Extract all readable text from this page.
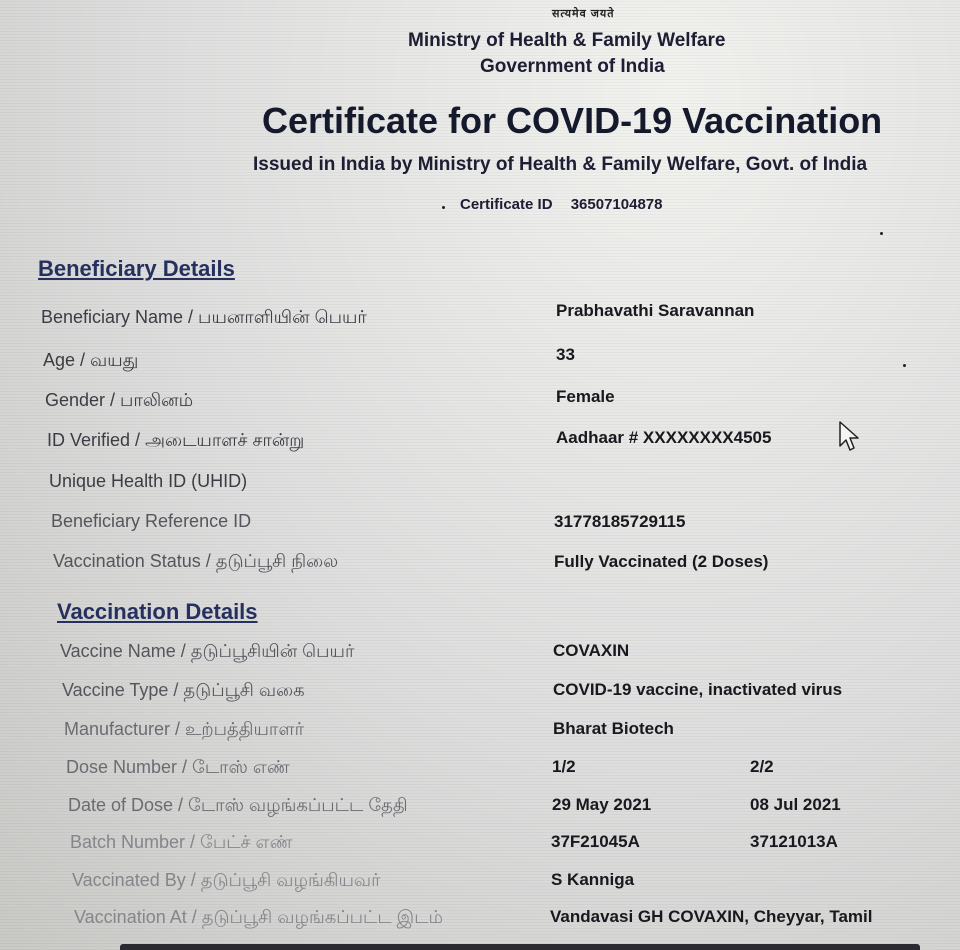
सत्यमेव जयते
Ministry of Health & Family Welfare
Government of India
Certificate for COVID-19 Vaccination
Issued in India by Ministry of Health & Family Welfare, Govt. of India
Certificate ID 36507104878
Beneficiary Details
Beneficiary Name / பயனாளியின் பெயர்	Prabhavathi Saravannan
Age / வயது	33
Gender / பாலினம்	Female
ID Verified / அடையாளச் சான்று	Aadhaar # XXXXXXXX4505
Unique Health ID (UHID)
Beneficiary Reference ID	31778185729115
Vaccination Status / தடுப்பூசி நிலை	Fully Vaccinated (2 Doses)
Vaccination Details
Vaccine Name / தடுப்பூசியின் பெயர்	COVAXIN
Vaccine Type / தடுப்பூசி வகை	COVID-19 vaccine, inactivated virus
Manufacturer / உற்பத்தியாளர்	Bharat Biotech
Dose Number / டோஸ் எண்	1/2	2/2
Date of Dose / டோஸ் வழங்கப்பட்ட தேதி	29 May 2021	08 Jul 2021
Batch Number / பேட்ச் எண்	37F21045A	37121013A
Vaccinated By / தடுப்பூசி வழங்கியவர்	S Kanniga
Vaccination At / தடுப்பூசி வழங்கப்பட்ட இடம்	Vandavasi GH COVAXIN, Cheyyar, Tamil
